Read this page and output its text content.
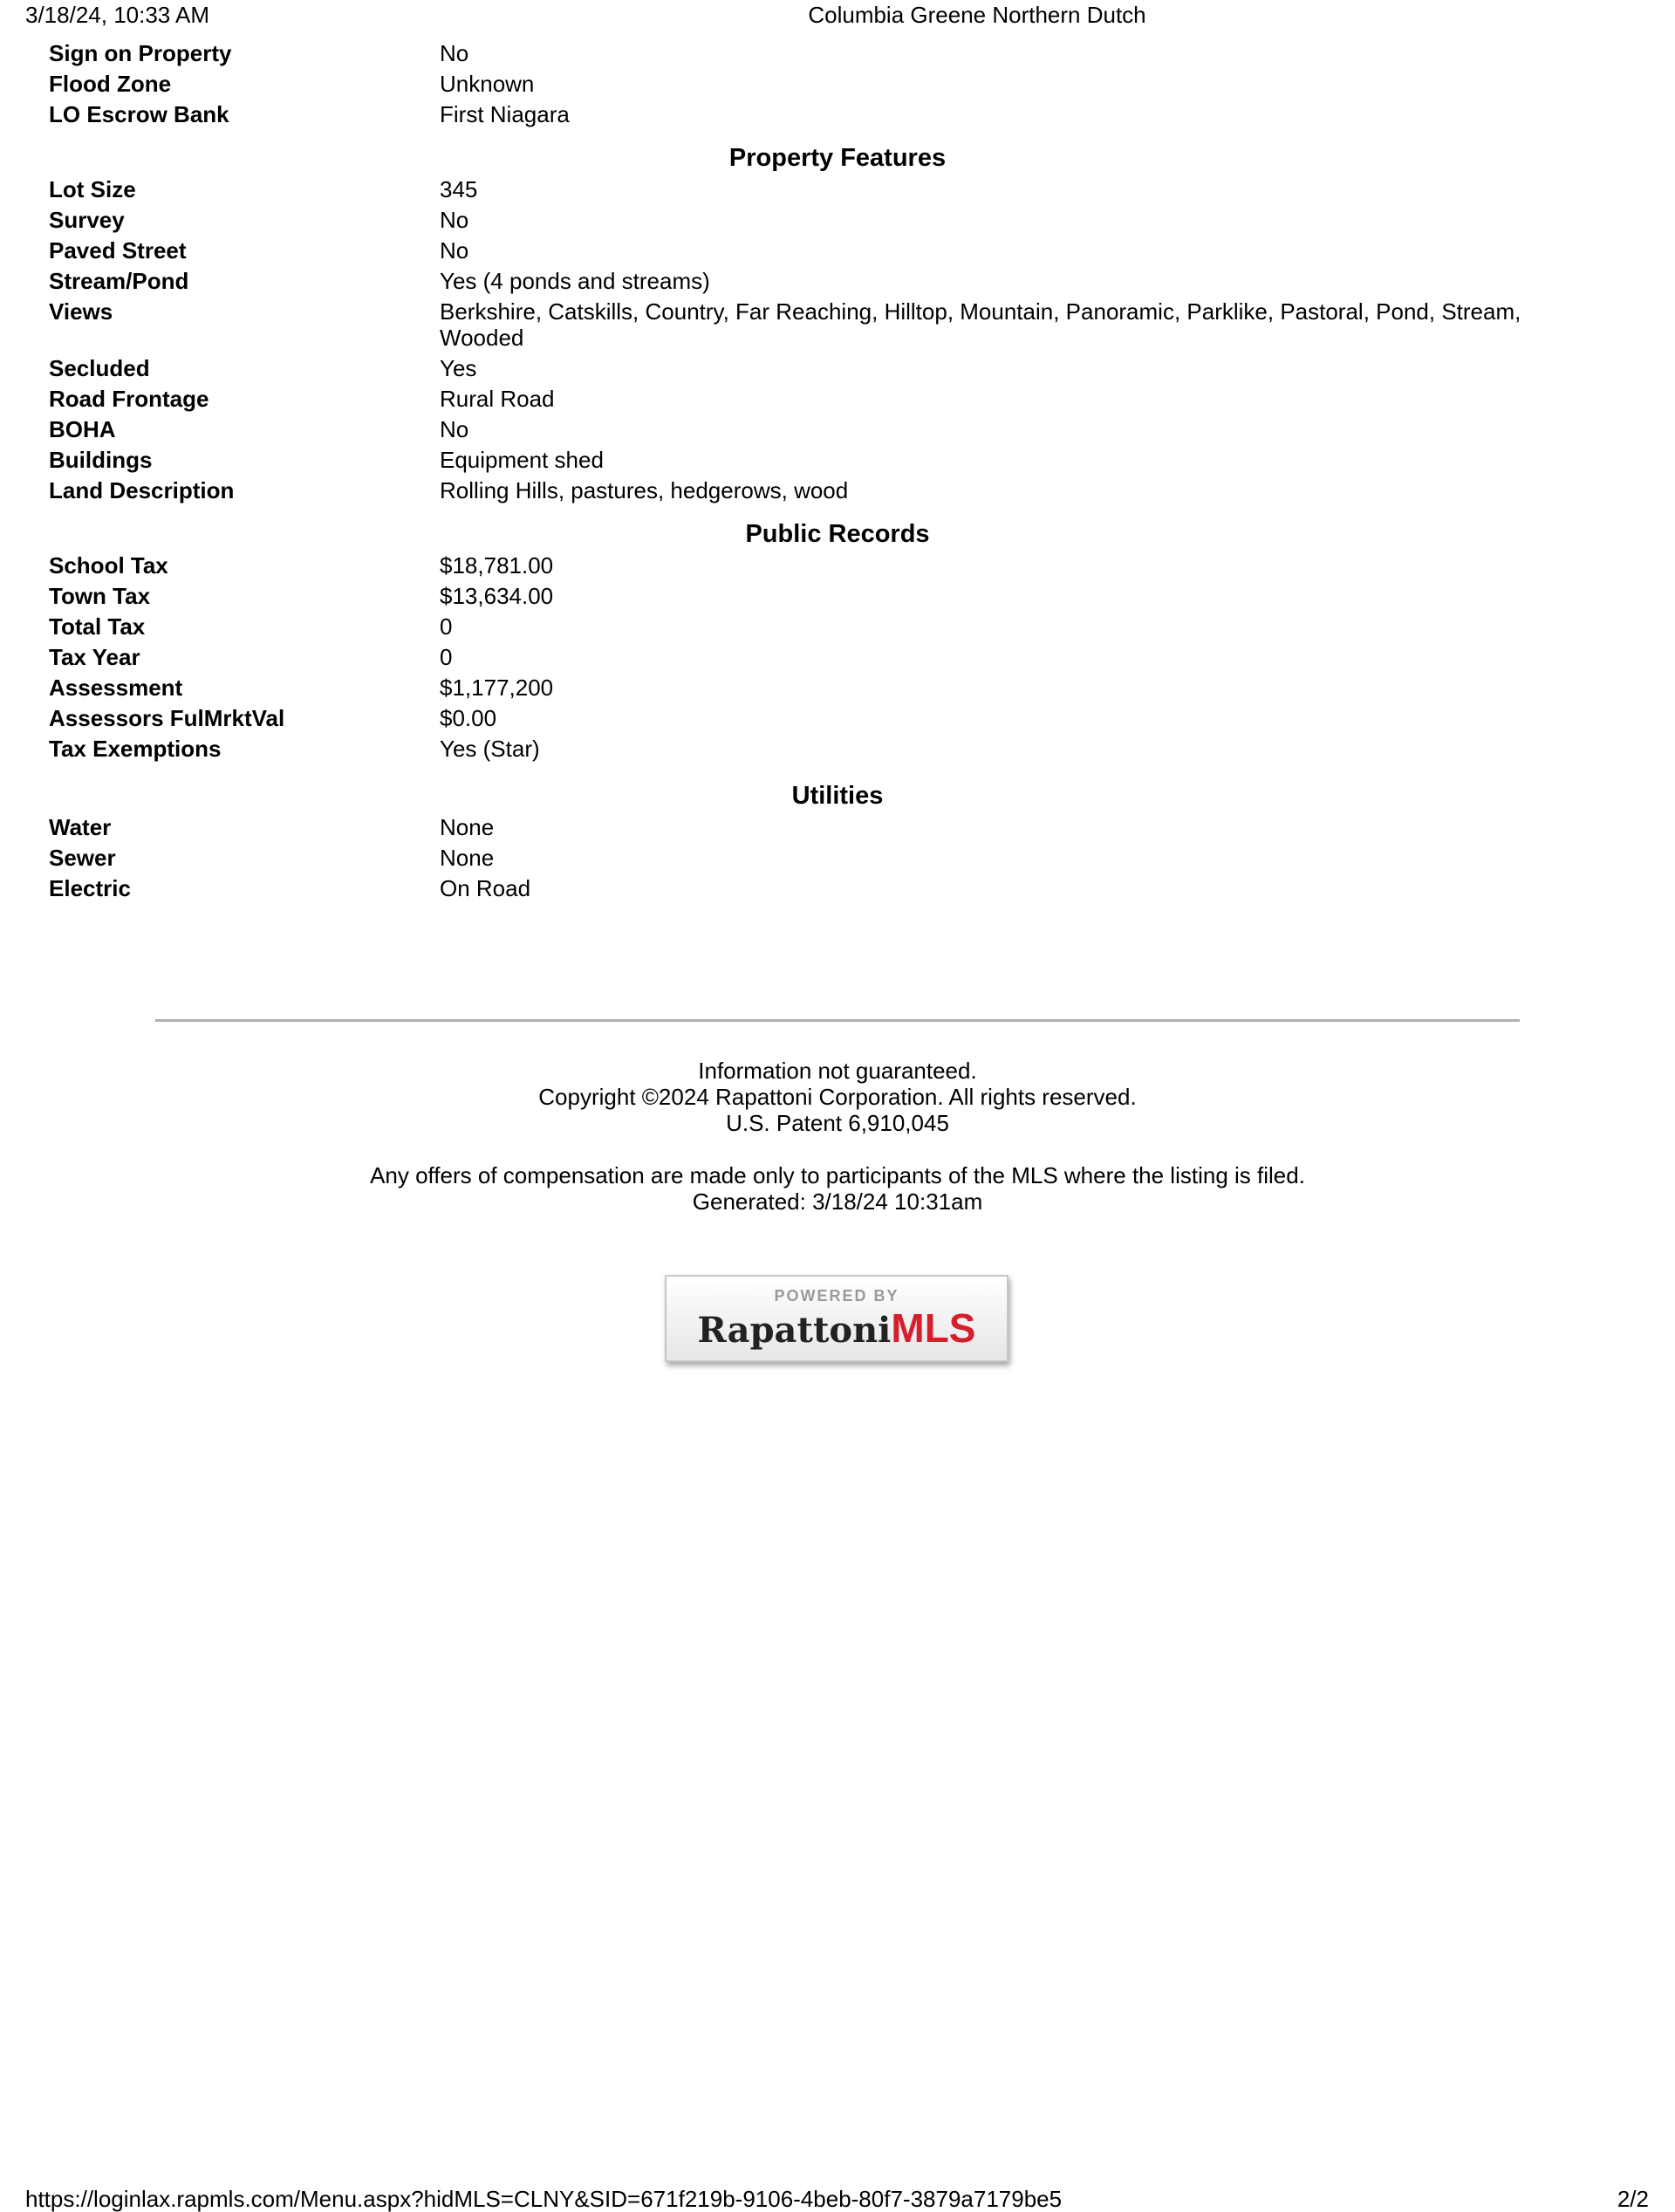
3/18/24, 10:33 AM	Columbia Greene Northern Dutch
Sign on Property	No
Flood Zone	Unknown
LO Escrow Bank	First Niagara
Property Features
Lot Size	345
Survey	No
Paved Street	No
Stream/Pond	Yes (4 ponds and streams)
Views	Berkshire, Catskills, Country, Far Reaching, Hilltop, Mountain, Panoramic, Parklike, Pastoral, Pond, Stream, Wooded
Secluded	Yes
Road Frontage	Rural Road
BOHA	No
Buildings	Equipment shed
Land Description	Rolling Hills, pastures, hedgerows, wood
Public Records
School Tax	$18,781.00
Town Tax	$13,634.00
Total Tax	0
Tax Year	0
Assessment	$1,177,200
Assessors FulMrktVal	$0.00
Tax Exemptions	Yes (Star)
Utilities
Water	None
Sewer	None
Electric	On Road
Information not guaranteed.
Copyright ©2024 Rapattoni Corporation. All rights reserved.
U.S. Patent 6,910,045
Any offers of compensation are made only to participants of the MLS where the listing is filed.
Generated: 3/18/24 10:31am
POWERED BY
RapattoniMLS
https://loginlax.rapmls.com/Menu.aspx?hidMLS=CLNY&SID=671f219b-9106-4beb-80f7-3879a7179be5	2/2
